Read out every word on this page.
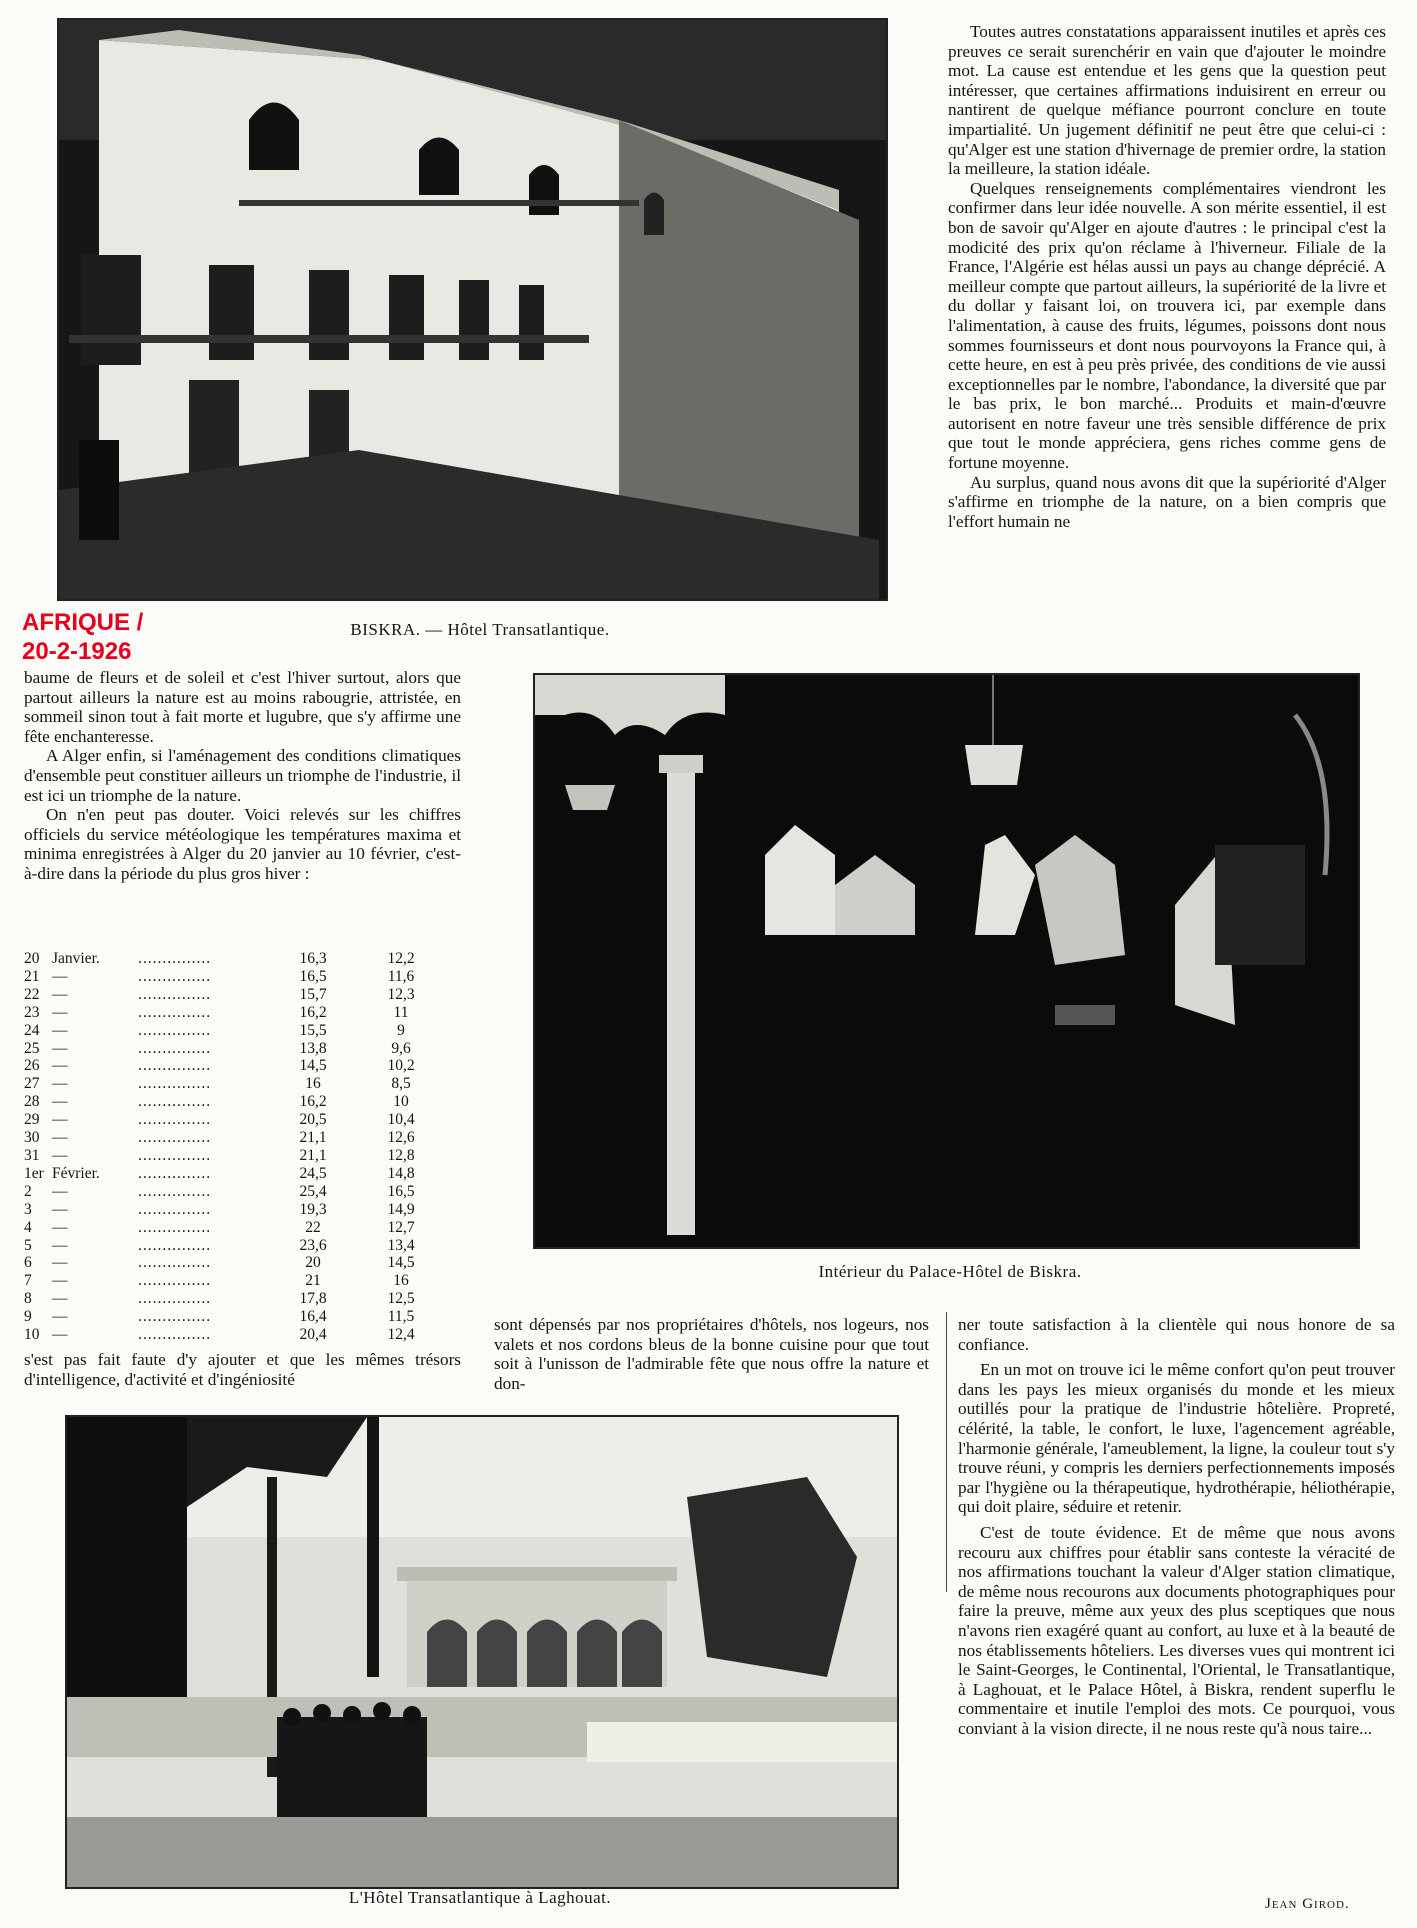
AFRIQUE /
20-2-1926
BISKRA. — Hôtel Transatlantique.

Toutes autres constatations apparaissent inutiles et après ces preuves ce serait surenchérir en vain que d'ajouter le moindre mot. La cause est entendue et les gens que la question peut intéresser, que certaines affirmations induisirent en erreur ou nantirent de quelque méfiance pourront conclure en toute impartialité. Un jugement définitif ne peut être que celui-ci : qu'Alger est une station d'hivernage de premier ordre, la station la meilleure, la station idéale.

Quelques renseignements complémentaires viendront les confirmer dans leur idée nouvelle. A son mérite essentiel, il est bon de savoir qu'Alger en ajoute d'autres : le principal c'est la modicité des prix qu'on réclame à l'hiverneur. Filiale de la France, l'Algérie est hélas aussi un pays au change déprécié. A meilleur compte que partout ailleurs, la supériorité de la livre et du dollar y faisant loi, on trouvera ici, par exemple dans l'alimentation, à cause des fruits, légumes, poissons dont nous sommes fournisseurs et dont nous pourvoyons la France qui, à cette heure, en est à peu près privée, des conditions de vie aussi exceptionnelles par le nombre, l'abondance, la diversité que par le bas prix, le bon marché... Produits et main-d'œuvre autorisent en notre faveur une très sensible différence de prix que tout le monde appréciera, gens riches comme gens de fortune moyenne.

Au surplus, quand nous avons dit que la supériorité d'Alger s'affirme en triomphe de la nature, on a bien compris que l'effort humain ne

baume de fleurs et de soleil et c'est l'hiver surtout, alors que partout ailleurs la nature est au moins rabougrie, attristée, en sommeil sinon tout à fait morte et lugubre, que s'y affirme une fête enchanteresse.

A Alger enfin, si l'aménagement des conditions climatiques d'ensemble peut constituer ailleurs un triomphe de l'industrie, il est ici un triomphe de la nature.

On n'en peut pas douter. Voici relevés sur les chiffres officiels du service météologique les températures maxima et minima enregistrées à Alger du 20 janvier au 10 février, c'est-à-dire dans la période du plus gros hiver :

20	Janvier.	...............	16,3	12,2
21	—	...............	16,5	11,6
22	—	...............	15,7	12,3
23	—	...............	16,2	11
24	—	...............	15,5	9
25	—	...............	13,8	9,6
26	—	...............	14,5	10,2
27	—	...............	16	8,5
28	—	...............	16,2	10
29	—	...............	20,5	10,4
30	—	...............	21,1	12,6
31	—	...............	21,1	12,8
1er	Février.	...............	24,5	14,8
2	—	...............	25,4	16,5
3	—	...............	19,3	14,9
4	—	...............	22	12,7
5	—	...............	23,6	13,4
6	—	...............	20	14,5
7	—	...............	21	16
8	—	...............	17,8	12,5
9	—	...............	16,4	11,5
10	—	...............	20,4	12,4

s'est pas fait faute d'y ajouter et que les mêmes trésors d'intelligence, d'activité et d'ingéniosité

Intérieur du Palace-Hôtel de Biskra.

sont dépensés par nos propriétaires d'hôtels, nos logeurs, nos valets et nos cordons bleus de la bonne cuisine pour que tout soit à l'unisson de l'admirable fête que nous offre la nature et don-

ner toute satisfaction à la clientèle qui nous honore de sa confiance.

En un mot on trouve ici le même confort qu'on peut trouver dans les pays les mieux organisés du monde et les mieux outillés pour la pratique de l'industrie hôtelière. Propreté, célérité, la table, le confort, le luxe, l'agencement agréable, l'harmonie générale, l'ameublement, la ligne, la couleur tout s'y trouve réuni, y compris les derniers perfectionnements imposés par l'hygiène ou la thérapeutique, hydrothérapie, héliothérapie, qui doit plaire, séduire et retenir.

C'est de toute évidence. Et de même que nous avons recouru aux chiffres pour établir sans conteste la véracité de nos affirmations touchant la valeur d'Alger station climatique, de même nous recourons aux documents photographiques pour faire la preuve, même aux yeux des plus sceptiques que nous n'avons rien exagéré quant au confort, au luxe et à la beauté de nos établissements hôteliers. Les diverses vues qui montrent ici le Saint-Georges, le Continental, l'Oriental, le Transatlantique, à Laghouat, et le Palace Hôtel, à Biskra, rendent superflu le commentaire et inutile l'emploi des mots. Ce pourquoi, vous conviant à la vision directe, il ne nous reste qu'à nous taire...

L'Hôtel Transatlantique à Laghouat.	Jean Girod.
